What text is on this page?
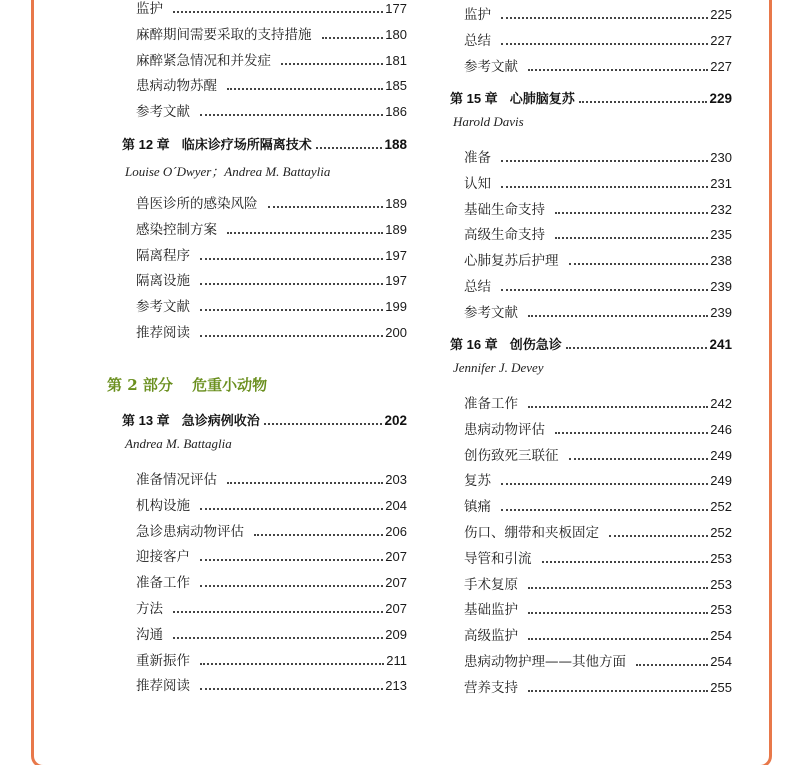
监护	177
麻醉期间需要采取的支持措施	180
麻醉紧急情况和并发症	181
患病动物苏醒	185
参考文献	186
第 12 章 临床诊疗场所隔离技术	188
Louise O´Dwyer；Andrea M. Battaylia
兽医诊所的感染风险	189
感染控制方案	189
隔离程序	197
隔离设施	197
参考文献	199
推荐阅读	200
第 2 部分 危重小动物
第 13 章 急诊病例收治	202
Andrea M. Battaglia
准备情况评估	203
机构设施	204
急诊患病动物评估	206
迎接客户	207
准备工作	207
方法	207
沟通	209
重新振作	211
推荐阅读	213
监护	225
总结	227
参考文献	227
第 15 章 心肺脑复苏	229
Harold Davis
准备	230
认知	231
基础生命支持	232
高级生命支持	235
心肺复苏后护理	238
总结	239
参考文献	239
第 16 章 创伤急诊	241
Jennifer J. Devey
准备工作	242
患病动物评估	246
创伤致死三联征	249
复苏	249
镇痛	252
伤口、绷带和夹板固定	252
导管和引流	253
手术复原	253
基础监护	253
高级监护	254
患病动物护理——其他方面	254
营养支持	255
